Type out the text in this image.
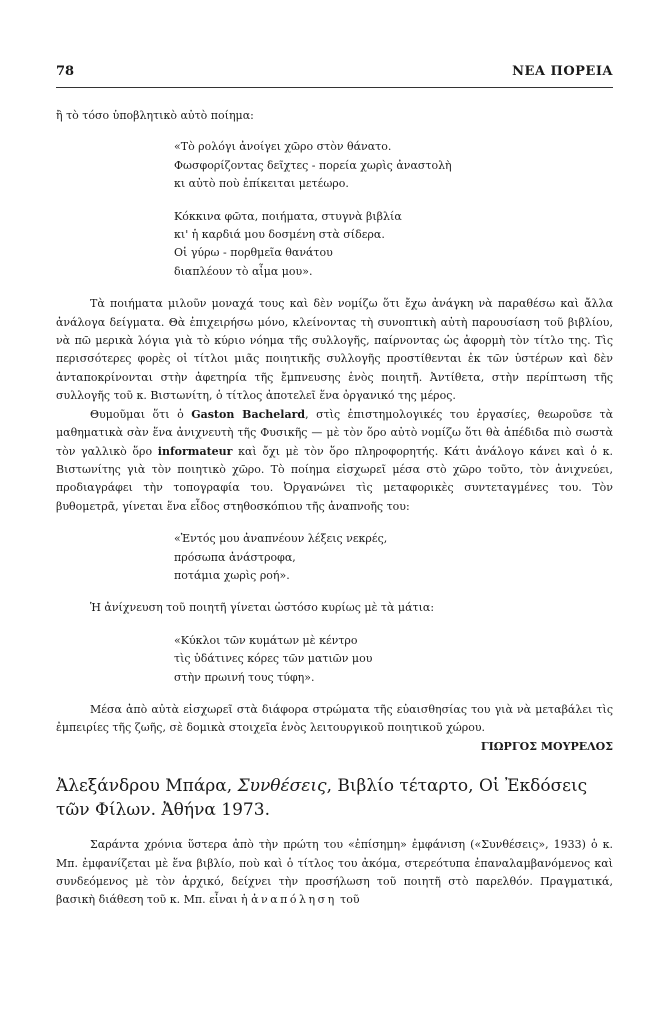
78	ΝΕΑ ΠΟΡΕΙΑ

ἢ τὸ τόσο ὑποβλητικὸ αὐτὸ ποίημα:

«Τὸ ρολόγι ἀνοίγει χῶρο στὸν θάνατο.
Φωσφορίζοντας δεῖχτες - πορεία χωρὶς ἀναστολὴ
κι αὐτὸ ποὺ ἐπίκειται μετέωρο.
Κόκκινα φῶτα, ποιήματα, στυγνὰ βιβλία
κι' ἡ καρδιά μου δοσμένη στὰ σίδερα.
Οἱ γύρω - πορθμεῖα θανάτου
διαπλέουν τὸ αἷμα μου».

Τὰ ποιήματα μιλοῦν μοναχά τους καὶ δὲν νομίζω ὅτι ἔχω ἀνάγκη νὰ παραθέσω καὶ ἄλλα ἀνάλογα δείγματα. Θὰ ἐπιχειρήσω μόνο, κλείνοντας τὴ συνοπτικὴ αὐτὴ παρουσίαση τοῦ βιβλίου, νὰ πῶ μερικὰ λόγια γιὰ τὸ κύριο νόημα τῆς συλλογῆς, παίρνοντας ὡς ἀφορμὴ τὸν τίτλο της. Τὶς περισσότερες φορὲς οἱ τίτλοι μιᾶς ποιητικῆς συλλογῆς προστίθενται ἐκ τῶν ὑστέρων καὶ δὲν ἀνταποκρίνονται στὴν ἀφετηρία τῆς ἔμπνευσης ἑνὸς ποιητῆ. Ἀντίθετα, στὴν περίπτωση τῆς συλλογῆς τοῦ κ. Βιστωνίτη, ὁ τίτλος ἀποτελεῖ ἕνα ὀργανικό της μέρος.

Θυμοῦμαι ὅτι ὁ Gaston Bachelard, στὶς ἐπιστημολογικές του ἐργασίες, θεωροῦσε τὰ μαθηματικὰ σὰν ἕνα ἀνιχνευτὴ τῆς Φυσικῆς — μὲ τὸν ὅρο αὐτὸ νομίζω ὅτι θὰ ἀπέδιδα πιὸ σωστὰ τὸν γαλλικὸ ὅρο informateur καὶ ὄχι μὲ τὸν ὅρο πληροφορητής. Κάτι ἀνάλογο κάνει καὶ ὁ κ. Βιστωνίτης γιὰ τὸν ποιητικὸ χῶρο. Τὸ ποίημα εἰσχωρεῖ μέσα στὸ χῶρο τοῦτο, τὸν ἀνιχνεύει, προδιαγράφει τὴν τοπογραφία του. Ὀργανώνει τὶς μεταφορικὲς συντεταγμένες του. Τὸν βυθομετρᾶ, γίνεται ἕνα εἶδος στηθοσκόπιου τῆς ἀναπνοῆς του:

«Ἐντός μου ἀναπνέουν λέξεις νεκρές,
πρόσωπα ἀνάστροφα,
ποτάμια χωρὶς ροή».

Ἡ ἀνίχνευση τοῦ ποιητῆ γίνεται ὡστόσο κυρίως μὲ τὰ μάτια:

«Κύκλοι τῶν κυμάτων μὲ κέντρο
τὶς ὑδάτινες κόρες τῶν ματιῶν μου
στὴν πρωινή τους τύφη».

Μέσα ἀπὸ αὐτὰ εἰσχωρεῖ στὰ διάφορα στρώματα τῆς εὐαισθησίας του γιὰ νὰ μεταβάλει τὶς ἐμπειρίες τῆς ζωῆς, σὲ δομικὰ στοιχεῖα ἑνὸς λειτουργικοῦ ποιητικοῦ χώρου.

ΓΙΩΡΓΟΣ ΜΟΥΡΕΛΟΣ

Ἀλεξάνδρου Μπάρα, Συνθέσεις, Βιβλίο τέταρτο, Οἱ Ἐκδόσεις τῶν Φίλων. Ἀθήνα 1973.

Σαράντα χρόνια ὕστερα ἀπὸ τὴν πρώτη του «ἐπίσημη» ἐμφάνιση («Συνθέσεις», 1933) ὁ κ. Μπ. ἐμφανίζεται μὲ ἕνα βιβλίο, ποὺ καὶ ὁ τίτλος του ἀκόμα, στερεότυπα ἐπαναλαμβανόμενος καὶ συνδεόμενος μὲ τὸν ἀρχικό, δείχνει τὴν προσήλωση τοῦ ποιητῆ στὸ παρελθόν. Πραγματικά, βασικὴ διάθεση τοῦ κ. Μπ. εἶναι ἡ ἀναπόληση τοῦ
